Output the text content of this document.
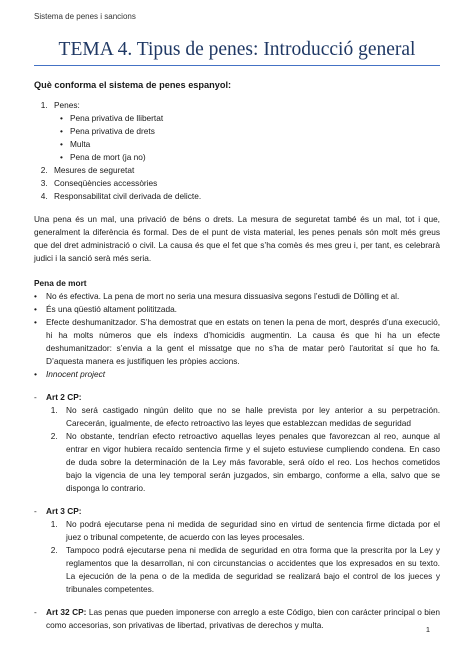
Sistema de penes i sancions
TEMA 4. Tipus de penes: Introducció general
Què conforma el sistema de penes espanyol:
1. Penes:
• Pena privativa de llibertat
• Pena privativa de drets
• Multa
• Pena de mort (ja no)
2. Mesures de seguretat
3. Conseqüències accessòries
4. Responsabilitat civil derivada de delicte.

Una pena és un mal, una privació de béns o drets. La mesura de seguretat també és un mal, tot i que, generalment la diferència és formal. Des de el punt de vista material, les penes penals són molt més greus que del dret administració o civil. La causa és que el fet que s’ha comès és mes greu i, per tant, es celebrarà judici i la sanció serà més seria.

Pena de mort

• No és efectiva. La pena de mort no seria una mesura dissuasiva segons l’estudi de Dölling et al.
• És una qüestió altament polititzada.
• Efecte deshumanitzador. S’ha demostrat que en estats on tenen la pena de mort, després d’una execució, hi ha molts números que els índexs d’homicidis augmentin. La causa és que hi ha un efecte deshumanitzador: s’envia a la gent el missatge que no s’ha de matar però l’autoritat sí que ho fa. D’aquesta manera es justifiquen les pròpies accions.
• Innocent project
- Art 2 CP:
1. No será castigado ningún delito que no se halle prevista por ley anterior a su perpetración. Carecerán, igualmente, de efecto retroactivo las leyes que establezcan medidas de seguridad
2. No obstante, tendrían efecto retroactivo aquellas leyes penales que favorezcan al reo, aunque al entrar en vigor hubiera recaído sentencia firme y el sujeto estuviese cumpliendo condena. En caso de duda sobre la determinación de la Ley más favorable, será oído el reo. Los hechos cometidos bajo la vigencia de una ley temporal serán juzgados, sin embargo, conforme a ella, salvo que se disponga lo contrario.
- Art 3 CP:
1. No podrá ejecutarse pena ni medida de seguridad sino en virtud de sentencia firme dictada por el juez o tribunal competente, de acuerdo con las leyes procesales.
2. Tampoco podrá ejecutarse pena ni medida de seguridad en otra forma que la prescrita por la Ley y reglamentos que la desarrollan, ni con circunstancias o accidentes que los expresados en su texto. La ejecución de la pena o de la medida de seguridad se realizará bajo el control de los jueces y tribunales competentes.
- Art 32 CP: Las penas que pueden imponerse con arreglo a este Código, bien con carácter principal o bien como accesorias, son privativas de libertad, privativas de derechos y multa.	1
